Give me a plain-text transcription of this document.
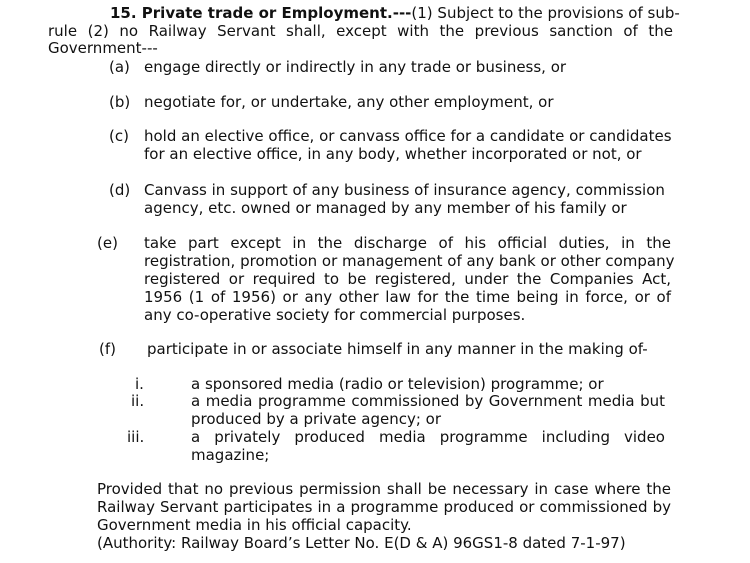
15. Private trade or Employment.---(1) Subject to the provisions of sub-
rule (2) no Railway Servant shall, except with the previous sanction of the
Government---
(a) engage directly or indirectly in any trade or business, or
(b) negotiate for, or undertake, any other employment, or
(c) hold an elective office, or canvass office for a candidate or candidates
for an elective office, in any body, whether incorporated or not, or
(d) Canvass in support of any business of insurance agency, commission
agency, etc. owned or managed by any member of his family or
(e) take part except in the discharge of his official duties, in the
registration, promotion or management of any bank or other company
registered or required to be registered, under the Companies Act,
1956 (1 of 1956) or any other law for the time being in force, or of
any co-operative society for commercial purposes.
(f) participate in or associate himself in any manner in the making of-
i.	a sponsored media (radio or television) programme; or
ii.	a media programme commissioned by Government media but
produced by a private agency; or
iii.	a privately produced media programme including video
magazine;
Provided that no previous permission shall be necessary in case where the
Railway Servant participates in a programme produced or commissioned by
Government media in his official capacity.
(Authority: Railway Board’s Letter No. E(D & A) 96GS1-8 dated 7-1-97)
